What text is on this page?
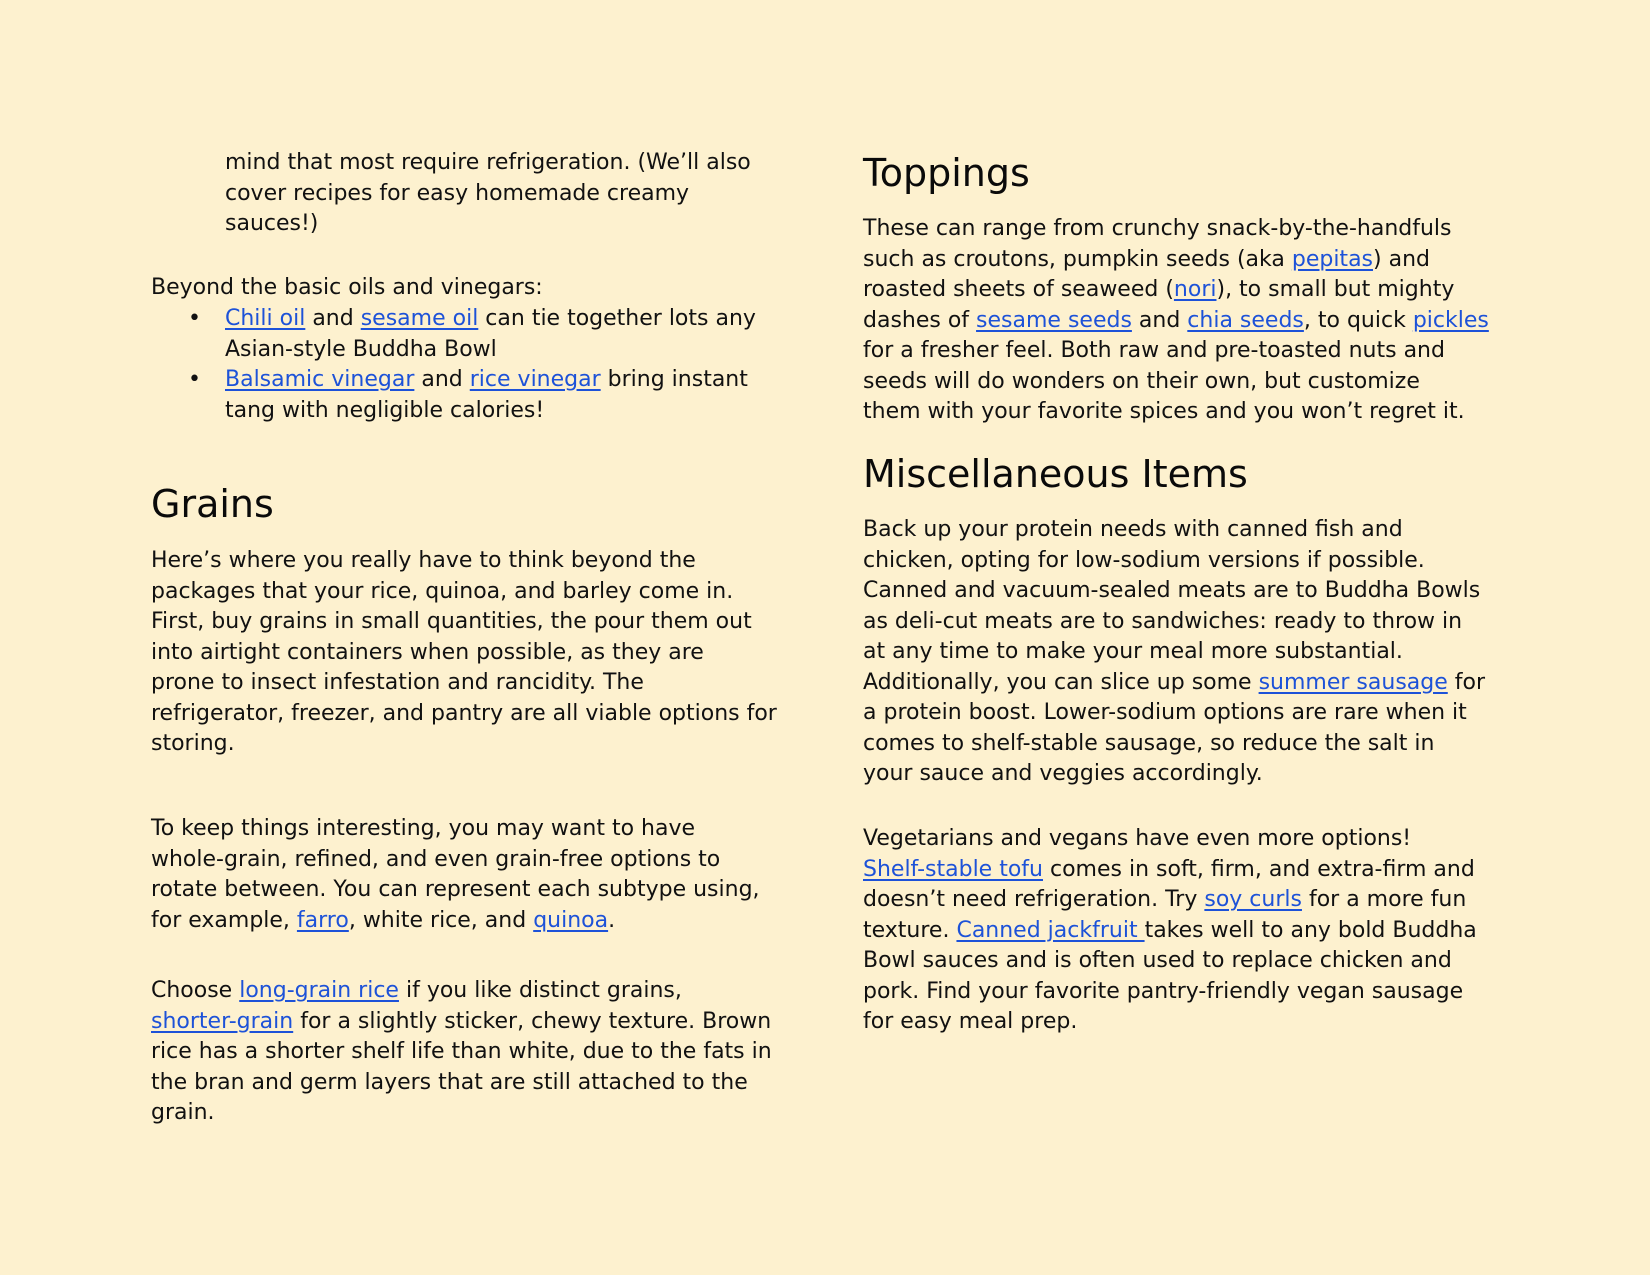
mind that most require refrigeration. (We’ll also
cover recipes for easy homemade creamy
sauces!)
Beyond the basic oils and vinegars:
• Chili oil and sesame oil can tie together lots any
Asian-style Buddha Bowl
• Balsamic vinegar and rice vinegar bring instant
tang with negligible calories!
Grains
Here’s where you really have to think beyond the
packages that your rice, quinoa, and barley come in.
First, buy grains in small quantities, the pour them out
into airtight containers when possible, as they are
prone to insect infestation and rancidity. The
refrigerator, freezer, and pantry are all viable options for
storing.
To keep things interesting, you may want to have
whole-grain, refined, and even grain-free options to
rotate between. You can represent each subtype using,
for example, farro, white rice, and quinoa.
Choose long-grain rice if you like distinct grains,
shorter-grain for a slightly sticker, chewy texture. Brown
rice has a shorter shelf life than white, due to the fats in
the bran and germ layers that are still attached to the
grain.
Toppings
These can range from crunchy snack-by-the-handfuls
such as croutons, pumpkin seeds (aka pepitas) and
roasted sheets of seaweed (nori), to small but mighty
dashes of sesame seeds and chia seeds, to quick pickles
for a fresher feel. Both raw and pre-toasted nuts and
seeds will do wonders on their own, but customize
them with your favorite spices and you won’t regret it.
Miscellaneous Items
Back up your protein needs with canned fish and
chicken, opting for low-sodium versions if possible.
Canned and vacuum-sealed meats are to Buddha Bowls
as deli-cut meats are to sandwiches: ready to throw in
at any time to make your meal more substantial.
Additionally, you can slice up some summer sausage for
a protein boost. Lower-sodium options are rare when it
comes to shelf-stable sausage, so reduce the salt in
your sauce and veggies accordingly.
Vegetarians and vegans have even more options!
Shelf-stable tofu comes in soft, firm, and extra-firm and
doesn’t need refrigeration. Try soy curls for a more fun
texture. Canned jackfruit takes well to any bold Buddha
Bowl sauces and is often used to replace chicken and
pork. Find your favorite pantry-friendly vegan sausage
for easy meal prep.
